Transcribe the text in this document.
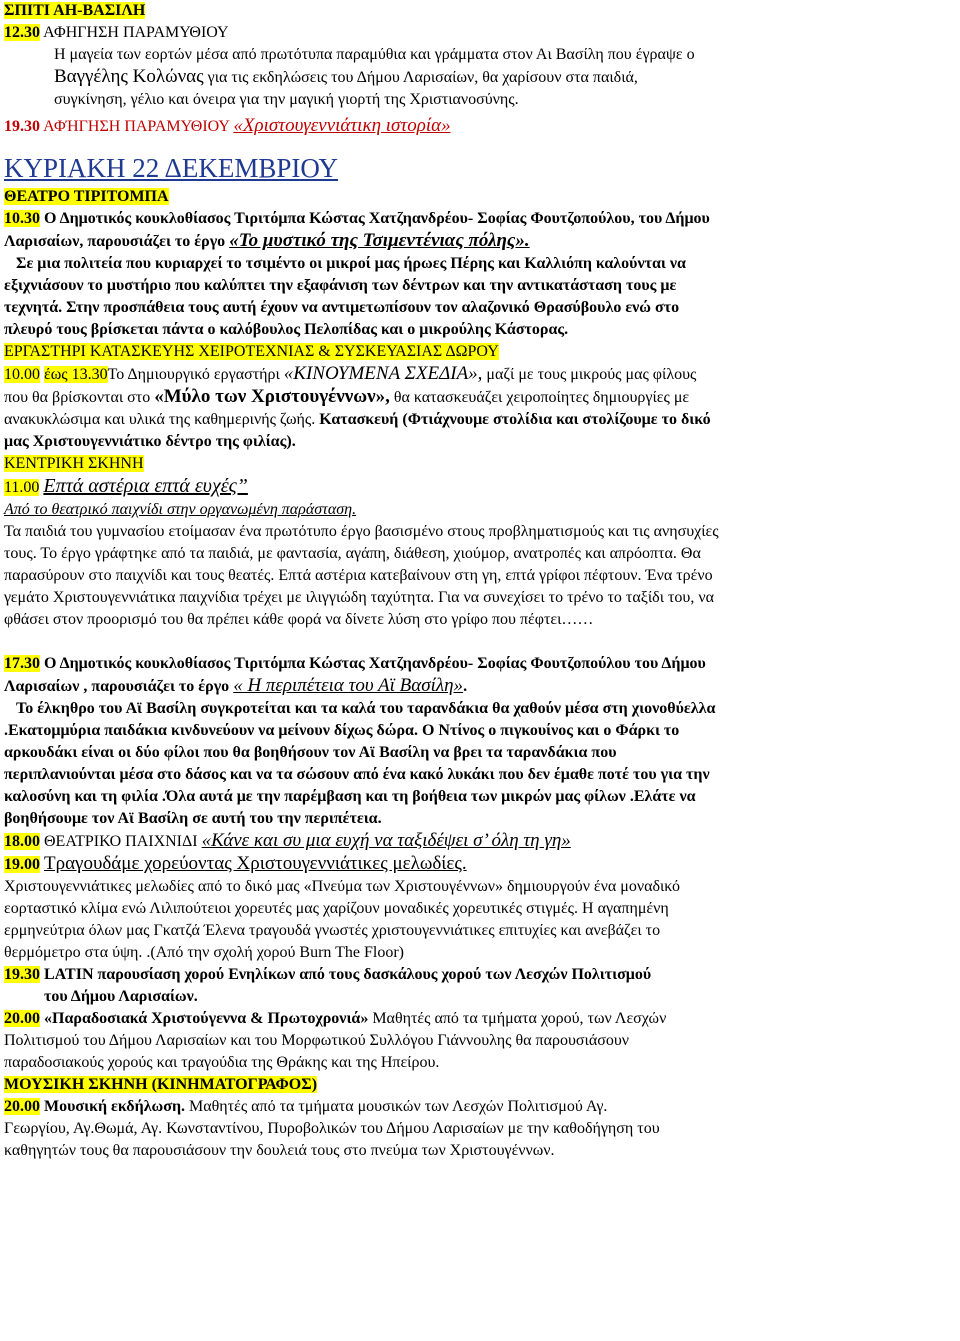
ΣΠΙΤΙ ΑΗ-ΒΑΣΙΛΗ
12.30 ΑΦΗΓΗΣΗ ΠΑΡΑΜΥΘΙΟΥ
Η μαγεία των εορτών μέσα από πρωτότυπα παραμύθια και γράμματα στον Αι Βασίλη που έγραψε ο
Βαγγέλης Κολώνας για τις εκδηλώσεις του Δήμου Λαρισαίων, θα χαρίσουν στα παιδιά,
συγκίνηση, γέλιο και όνειρα για την μαγική γιορτή της Χριστιανοσύνης.
19.30 ΑΦΉΓΗΣΗ ΠΑΡΑΜΥΘΙΟΥ «Χριστουγεννιάτικη ιστορία»
ΚΥΡΙΑΚΗ 22 ΔΕΚΕΜΒΡΙΟΥ
ΘΕΑΤΡΟ ΤΙΡΙΤΟΜΠΑ
10.30 Ο Δημοτικός κουκλοθίασος Τιριτόμπα Κώστας Χατζηανδρέου- Σοφίας Φουτζοπούλου, του Δήμου
Λαρισαίων, παρουσιάζει το έργο «Το μυστικό της Τσιμεντένιας πόλης».
Σε μια πολιτεία που κυριαρχεί το τσιμέντο οι μικροί μας ήρωες Πέρης και Καλλιόπη καλούνται να
εξιχνιάσουν το μυστήριο που καλύπτει την εξαφάνιση των δέντρων και την αντικατάσταση τους με
τεχνητά. Στην προσπάθεια τους αυτή έχουν να αντιμετωπίσουν τον αλαζονικό Θρασύβουλο ενώ στο
πλευρό τους βρίσκεται πάντα ο καλόβουλος Πελοπίδας και ο μικρούλης Κάστορας.
ΕΡΓΑΣΤΗΡΙ ΚΑΤΑΣΚΕΥΗΣ ΧΕΙΡΟΤΕΧΝΙΑΣ & ΣΥΣΚΕΥΑΣΙΑΣ ΔΩΡΟΥ
10.00 έως 13.30Το Δημιουργικό εργαστήρι «ΚΙΝΟΥΜΕΝΑ ΣΧΕΔΙΑ», μαζί με τους μικρούς μας φίλους
που θα βρίσκονται στο «Μύλο των Χριστουγέννων», θα κατασκευάζει χειροποίητες δημιουργίες με
ανακυκλώσιμα και υλικά της καθημερινής ζωής. Κατασκευή (Φτιάχνουμε στολίδια και στολίζουμε το δικό
μας Χριστουγεννιάτικο δέντρο της φιλίας).
ΚΕΝΤΡΙΚΗ ΣΚΗΝΗ
11.00 Επτά αστέρια επτά ευχές”
Από το θεατρικό παιχνίδι στην οργανωμένη παράσταση.
Τα παιδιά του γυμνασίου ετοίμασαν ένα πρωτότυπο έργο βασισμένο στους προβληματισμούς και τις ανησυχίες
τους. Το έργο γράφτηκε από τα παιδιά, με φαντασία, αγάπη, διάθεση, χιούμορ, ανατροπές και απρόοπτα. Θα
παρασύρουν στο παιχνίδι και τους θεατές. Επτά αστέρια κατεβαίνουν στη γη, επτά γρίφοι πέφτουν. Ένα τρένο
γεμάτο Χριστουγεννιάτικα παιχνίδια τρέχει με ιλιγγιώδη ταχύτητα. Για να συνεχίσει το τρένο το ταξίδι του, να
φθάσει στον προορισμό του θα πρέπει κάθε φορά να δίνετε λύση στο γρίφο που πέφτει……
17.30 Ο Δημοτικός κουκλοθίασος Τιριτόμπα Κώστας Χατζηανδρέου- Σοφίας Φουτζοπούλου του Δήμου
Λαρισαίων , παρουσιάζει το έργο « Η περιπέτεια του Αϊ Βασίλη».
Το έλκηθρο του Αϊ Βασίλη συγκροτείται και τα καλά του ταρανδάκια θα χαθούν μέσα στη χιονοθύελλα
.Εκατομμύρια παιδάκια κινδυνεύουν να μείνουν δίχως δώρα. Ο Ντίνος ο πιγκουίνος και ο Φάρκι το
αρκουδάκι είναι οι δύο φίλοι που θα βοηθήσουν τον Αϊ Βασίλη να βρει τα ταρανδάκια που
περιπλανιούνται μέσα στο δάσος και να τα σώσουν από ένα κακό λυκάκι που δεν έμαθε ποτέ του για την
καλοσύνη και τη φιλία .Όλα αυτά με την παρέμβαση και τη βοήθεια των μικρών μας φίλων .Ελάτε να
βοηθήσουμε τον Αϊ Βασίλη σε αυτή του την περιπέτεια.
18.00 ΘΕΑΤΡΙΚΟ ΠΑΙΧΝΙΔΙ «Κάνε και συ μια ευχή να ταξιδέψει σ’ όλη τη γη»
19.00 Τραγουδάμε χορεύοντας Χριστουγεννιάτικες μελωδίες.
Χριστουγεννιάτικες μελωδίες από το δικό μας «Πνεύμα των Χριστουγέννων» δημιουργούν ένα μοναδικό
εορταστικό κλίμα ενώ Λιλιπούτειοι χορευτές μας χαρίζουν μοναδικές χορευτικές στιγμές. Η αγαπημένη
ερμηνεύτρια όλων μας Γκατζά Έλενα τραγουδά γνωστές χριστουγεννιάτικες επιτυχίες και ανεβάζει το
θερμόμετρο στα ύψη. .(Από την σχολή χορού Burn The Floor)
19.30 LATIN παρουσίαση χορού Ενηλίκων από τους δασκάλους χορού των Λεσχών Πολιτισμού
του Δήμου Λαρισαίων.
20.00 «Παραδοσιακά Χριστούγεννα & Πρωτοχρονιά» Μαθητές από τα τμήματα χορού, των Λεσχών
Πολιτισμού του Δήμου Λαρισαίων και του Μορφωτικού Συλλόγου Γιάννουλης θα παρουσιάσουν
παραδοσιακούς χορούς και τραγούδια της Θράκης και της Ηπείρου.
ΜΟΥΣΙΚΗ ΣΚΗΝΗ (ΚΙΝΗΜΑΤΟΓΡΑΦΟΣ)
20.00 Μουσική εκδήλωση. Μαθητές από τα τμήματα μουσικών των Λεσχών Πολιτισμού Αγ.
Γεωργίου, Αγ.Θωμά, Αγ. Κωνσταντίνου, Πυροβολικών του Δήμου Λαρισαίων με την καθοδήγηση του
καθηγητών τους θα παρουσιάσουν την δουλειά τους στο πνεύμα των Χριστουγέννων.
